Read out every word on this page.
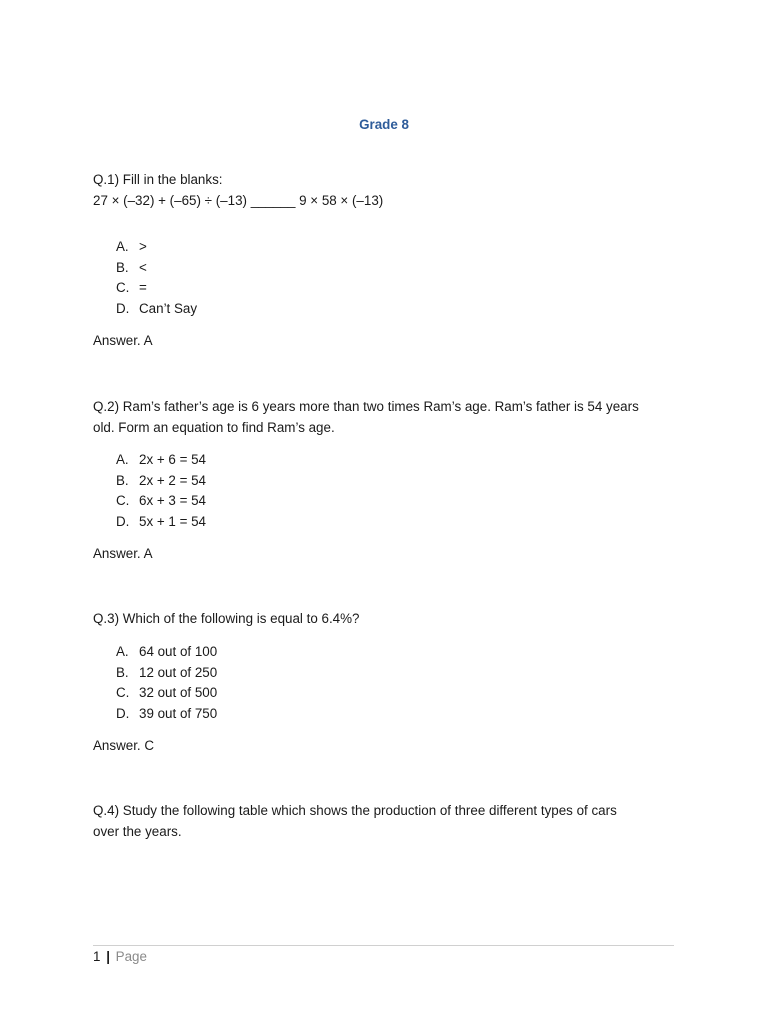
Grade 8
Q.1) Fill in the blanks:
27 × (–32) + (–65) ÷ (–13) ______ 9 × 58 × (–13)
A. >
B. <
C. =
D. Can’t Say
Answer. A
Q.2) Ram’s father’s age is 6 years more than two times Ram’s age. Ram’s father is 54 years
old. Form an equation to find Ram’s age.
A. 2x + 6 = 54
B. 2x + 2 = 54
C. 6x + 3 = 54
D. 5x + 1 = 54
Answer. A
Q.3) Which of the following is equal to 6.4%?
A. 64 out of 100
B. 12 out of 250
C. 32 out of 500
D. 39 out of 750
Answer. C
Q.4) Study the following table which shows the production of three different types of cars
over the years.
1 | Page
